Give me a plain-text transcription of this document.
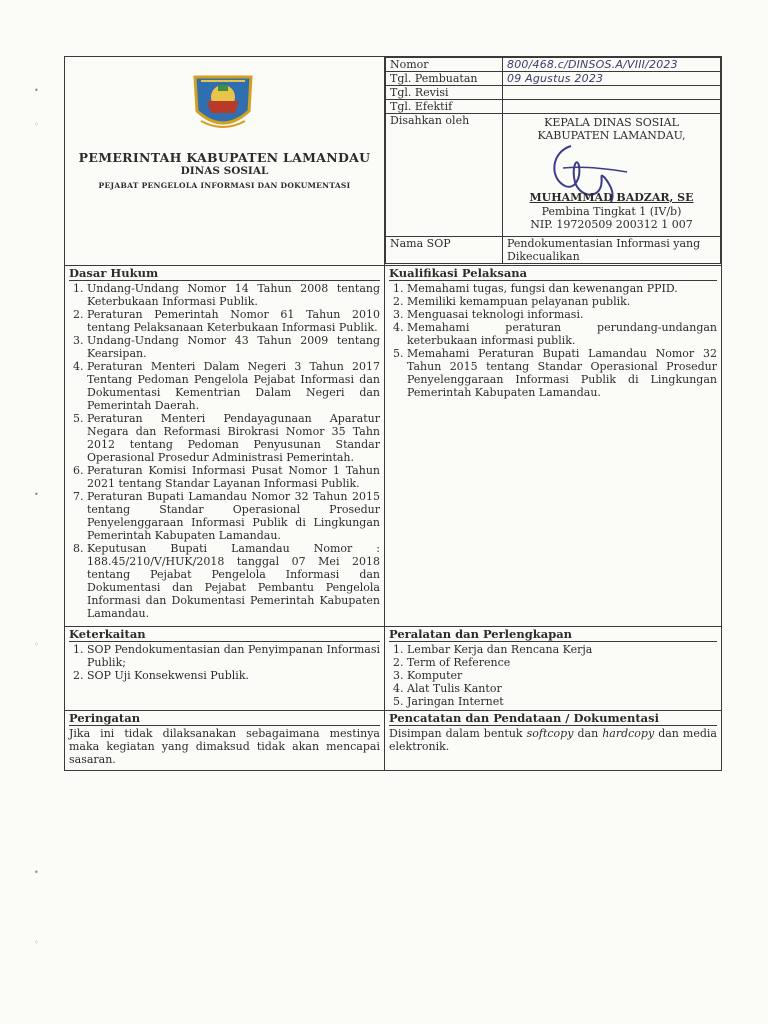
PEMERINTAH KABUPATEN LAMANDAU
DINAS SOSIAL
PEJABAT PENGELOLA INFORMASI DAN DOKUMENTASI

Nomor	800/468.c/DINSOS.A/VIII/2023
Tgl. Pembuatan	09 Agustus 2023
Tgl. Revisi	
Tgl. Efektif	
Disahkan oleh	KEPALA DINAS SOSIAL
KABUPATEN LAMANDAU,
MUHAMMAD BADZAR, SE
Pembina Tingkat 1 (IV/b)
NIP. 19720509 200312 1 007

Nama SOP	Pendokumentasian Informasi yang Dikecualikan

Dasar Hukum
1. Undang-Undang Nomor 14 Tahun 2008 tentang Keterbukaan Informasi Publik.
2. Peraturan Pemerintah Nomor 61 Tahun 2010 tentang Pelaksanaan Keterbukaan Informasi Publik.
3. Undang-Undang Nomor 43 Tahun 2009 tentang Kearsipan.
4. Peraturan Menteri Dalam Negeri 3 Tahun 2017 Tentang Pedoman Pengelola Pejabat Informasi dan Dokumentasi Kementrian Dalam Negeri dan Pemerintah Daerah.
5. Peraturan Menteri Pendayagunaan Aparatur Negara dan Reformasi Birokrasi Nomor 35 Tahn 2012 tentang Pedoman Penyusunan Standar Operasional Prosedur Administrasi Pemerintah.
6. Peraturan Komisi Informasi Pusat Nomor 1 Tahun 2021 tentang Standar Layanan Informasi Publik.
7. Peraturan Bupati Lamandau Nomor 32 Tahun 2015 tentang Standar Operasional Prosedur Penyelenggaraan Informasi Publik di Lingkungan Pemerintah Kabupaten Lamandau.
8. Keputusan Bupati Lamandau Nomor : 188.45/210/V/HUK/2018 tanggal 07 Mei 2018 tentang Pejabat Pengelola Informasi dan Dokumentasi dan Pejabat Pembantu Pengelola Informasi dan Dokumentasi Pemerintah Kabupaten Lamandau.

Kualifikasi Pelaksana
1. Memahami tugas, fungsi dan kewenangan PPID.
2. Memiliki kemampuan pelayanan publik.
3. Menguasai teknologi informasi.
4. Memahami peraturan perundang-undangan keterbukaan informasi publik.
5. Memahami Peraturan Bupati Lamandau Nomor 32 Tahun 2015 tentang Standar Operasional Prosedur Penyelenggaraan Informasi Publik di Lingkungan Pemerintah Kabupaten Lamandau.

Keterkaitan
1. SOP Pendokumentasian dan Penyimpanan Informasi Publik;
2. SOP Uji Konsekwensi Publik.

Peralatan dan Perlengkapan
1. Lembar Kerja dan Rencana Kerja
2. Term of Reference
3. Komputer
4. Alat Tulis Kantor
5. Jaringan Internet

Peringatan
Jika ini tidak dilaksanakan sebagaimana mestinya maka kegiatan yang dimaksud tidak akan mencapai sasaran.

Pencatatan dan Pendataan / Dokumentasi
Disimpan dalam bentuk softcopy dan hardcopy dan media elektronik.
•
◦
•
◦
•
◦
